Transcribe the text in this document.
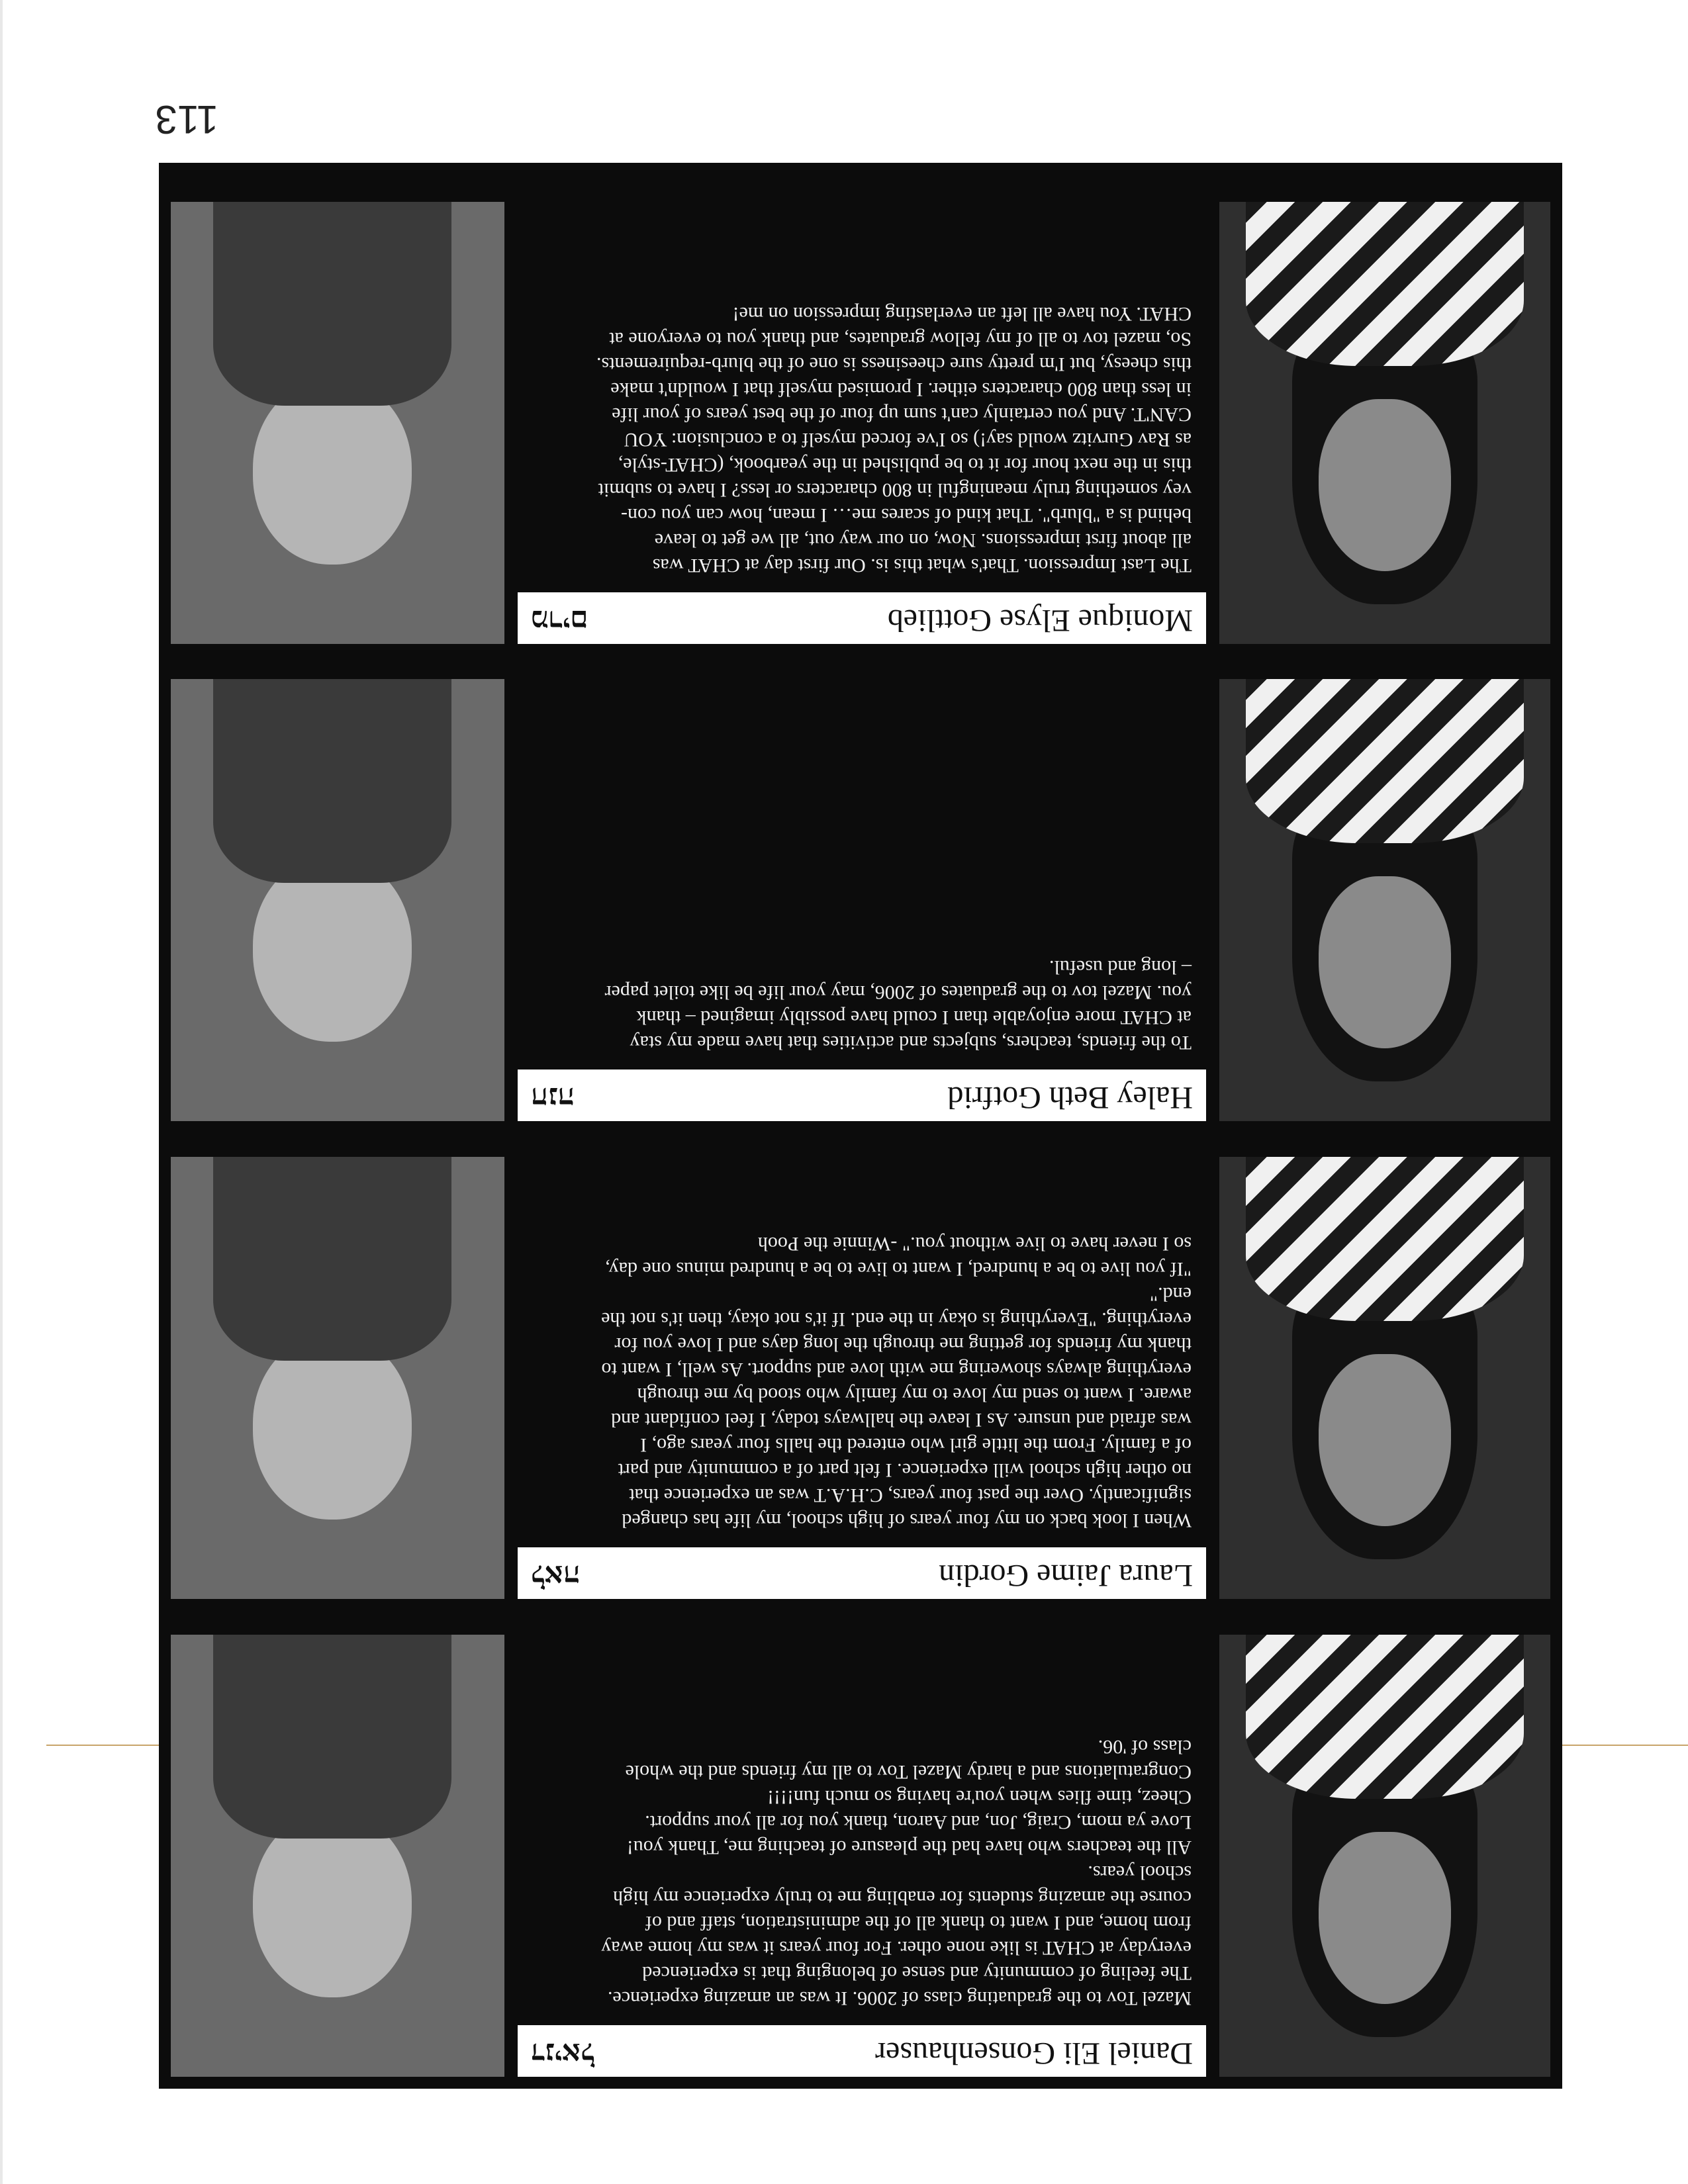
113
Daniel Eli Gonsenhauser
דניאל
Mazel Tov to the graduating class of 2006. It was an amazing experience.
The feeling of community and sense of belonging that is experienced
everyday at CHAT is like none other. For four years it was my home away
from home, and I want to thank all of the administration, staff and of
course the amazing students for enabling me to truly experience my high
school years.
All the teachers who have had the pleasure of teaching me, Thank you!
Love ya mom, Craig, Jon, and Aaron, thank you for all your support.
Cheez, time flies when you're having so much fun!!!!
Congratulations and a hardy Mazel Tov to all my friends and the whole
class of '06.
Laura Jaime Gordin
לאה
When I look back on my four years of high school, my life has changed
significantly. Over the past four years, C.H.A.T was an experience that
no other high school will experience. I felt part of a community and part
of a family. From the little girl who entered the halls four years ago, I
was afraid and unsure. As I leave the hallways today, I feel confidant and
aware. I want to send my love to my family who stood by me through
everything always showering me with love and support. As well, I want to
thank my friends for getting me through the long days and I love you for
everything. "Everything is okay in the end. If it's not okay, then it's not the
end."
"If you live to be a hundred, I want to live to be a hundred minus one day,
so I never have to live without you." -Winnie the Pooh
Haley Beth Gotfrid
חנה
To the friends, teachers, subjects and activities that have made my stay
at CHAT more enjoyable than I could have possibly imagined – thank
you. Mazel tov to the graduates of 2006, may your life be like toilet paper
– long and useful.
Monique Elyse Gottlieb
מרים
The Last Impression. That's what this is. Our first day at CHAT was
all about first impressions. Now, on our way out, all we get to leave
behind is a "blurb". That kind of scares me… I mean, how can you con-
vey something truly meaningful in 800 characters or less? I have to submit
this in the next hour for it to be published in the yearbook, (CHAT-style,
as Rav Gurvitz would say!) so I've forced myself to a conclusion: YOU
CAN'T. And you certainly can't sum up four of the best years of your life
in less than 800 characters either. I promised myself that I wouldn't make
this cheesy, but I'm pretty sure cheesiness is one of the blurb-requirements.
So, mazel tov to all of my fellow graduates, and thank you to everyone at
CHAT. You have all left an everlasting impression on me!
